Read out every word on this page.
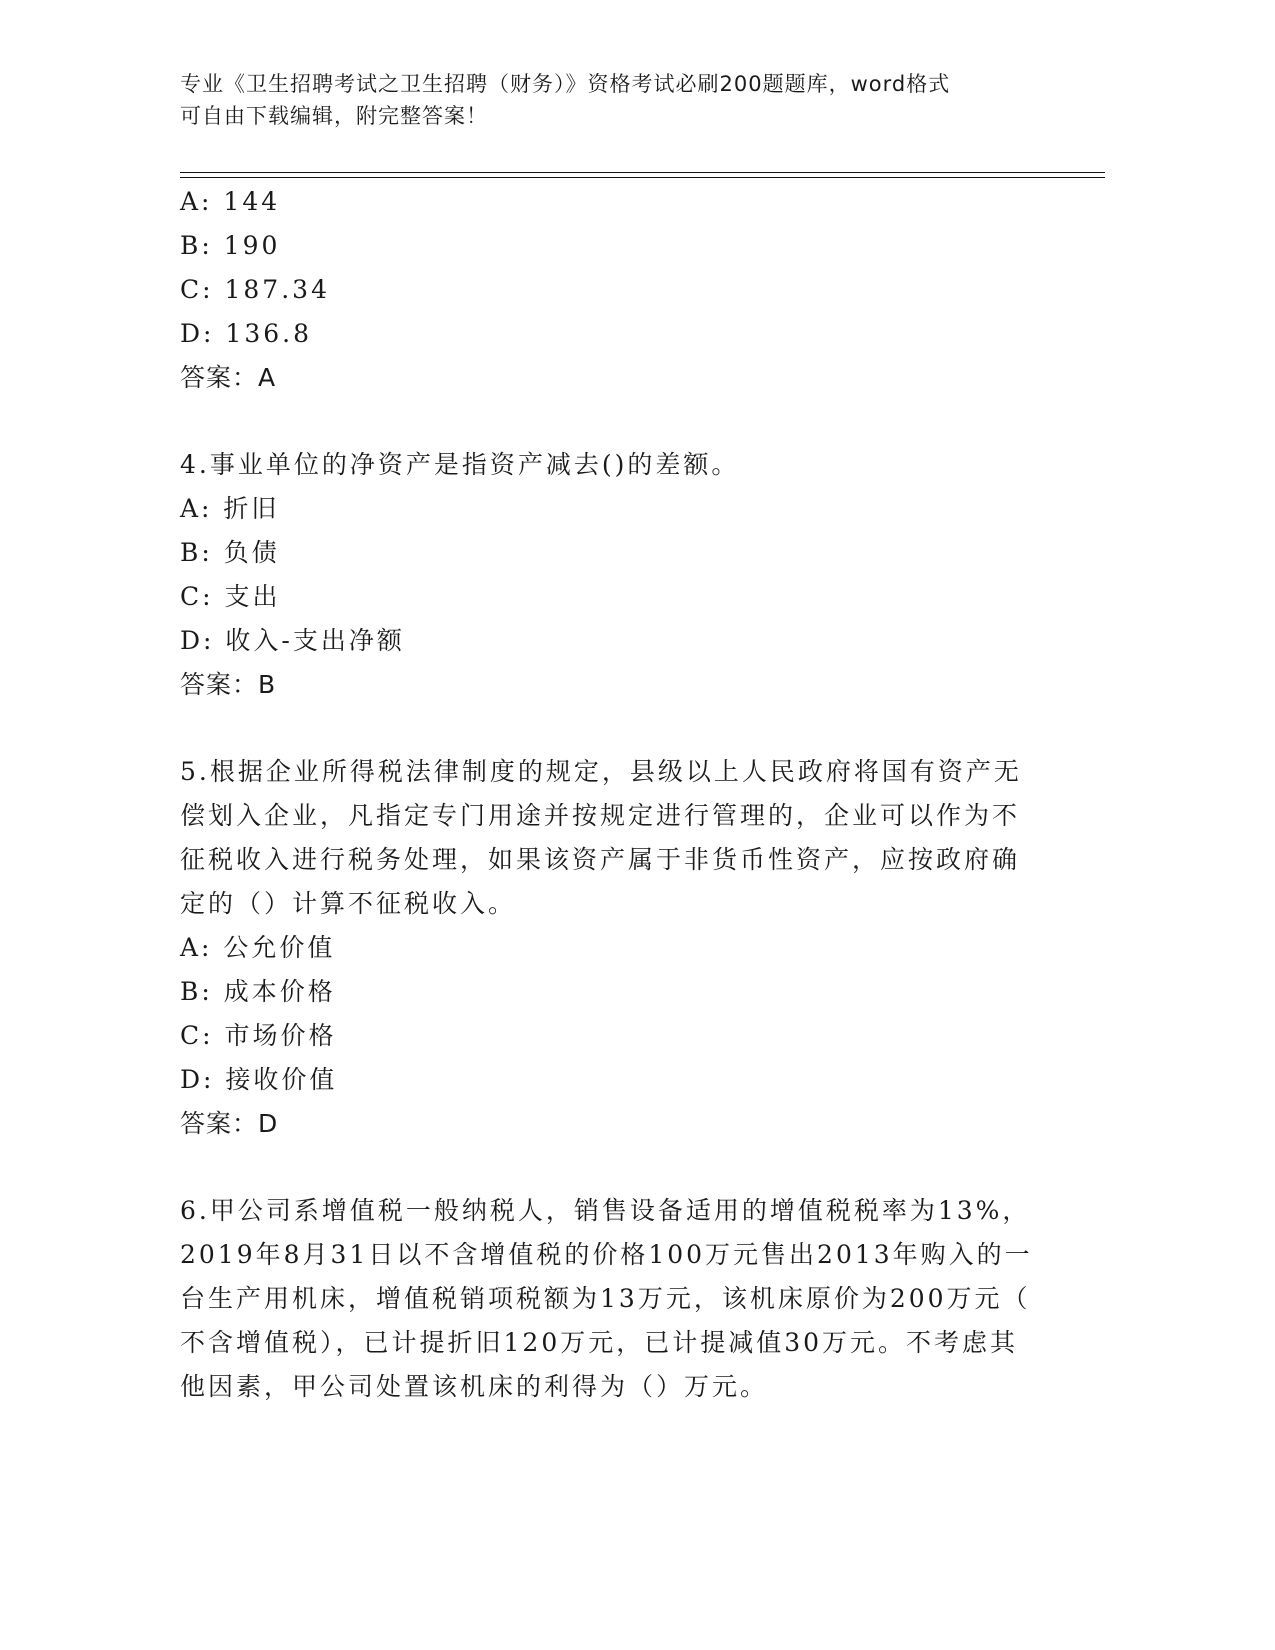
专业《卫生招聘考试之卫生招聘（财务）》资格考试必刷200题题库，word格式
可自由下载编辑，附完整答案！
A: 144
B: 190
C: 187.34
D: 136.8
答案：A
4.事业单位的净资产是指资产减去()的差额。
A: 折旧
B: 负债
C: 支出
D: 收入-支出净额
答案：B
5.根据企业所得税法律制度的规定，县级以上人民政府将国有资产无
偿划入企业，凡指定专门用途并按规定进行管理的，企业可以作为不
征税收入进行税务处理，如果该资产属于非货币性资产，应按政府确
定的（）计算不征税收入。
A: 公允价值
B: 成本价格
C: 市场价格
D: 接收价值
答案：D
6.甲公司系增值税一般纳税人，销售设备适用的增值税税率为13%，
2019年8月31日以不含增值税的价格100万元售出2013年购入的一
台生产用机床，增值税销项税额为13万元，该机床原价为200万元（
不含增值税），已计提折旧120万元，已计提减值30万元。不考虑其
他因素，甲公司处置该机床的利得为（）万元。
